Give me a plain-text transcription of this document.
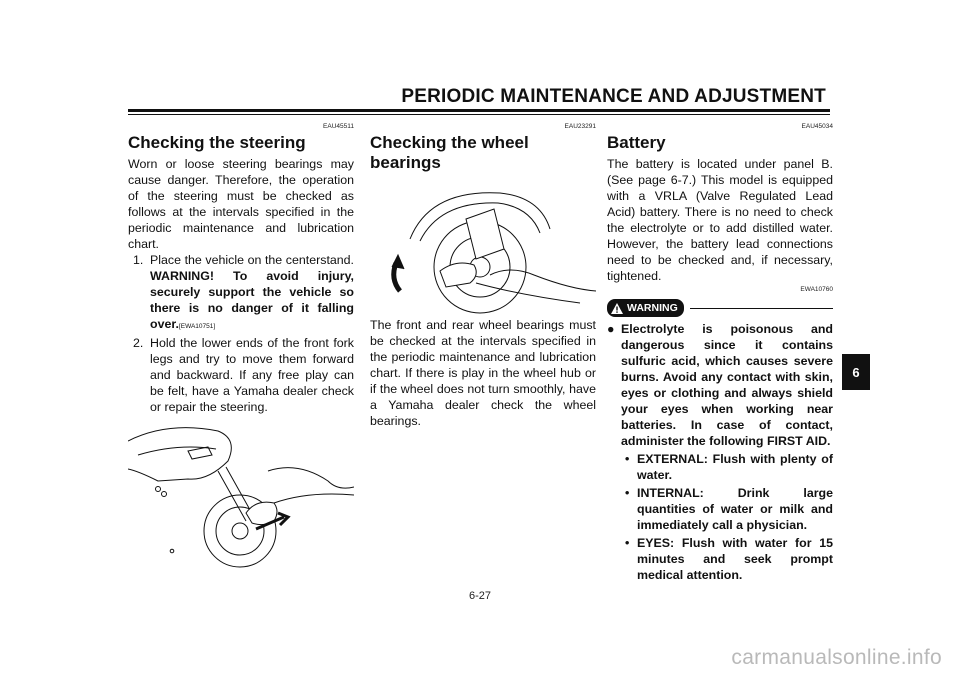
PERIODIC MAINTENANCE AND ADJUSTMENT
EAU45511
Checking the steering

Worn or loose steering bearings may cause danger. Therefore, the operation of the steering must be checked as follows at the intervals specified in the periodic maintenance and lubrication chart.

1. Place the vehicle on the centerstand. WARNING! To avoid injury, securely support the vehicle so there is no danger of it falling over.[EWA10751]

2. Hold the lower ends of the front fork legs and try to move them forward and backward. If any free play can be felt, have a Yamaha dealer check or repair the steering.

EAU23291
Checking the wheel bearings

The front and rear wheel bearings must be checked at the intervals specified in the periodic maintenance and lubrication chart. If there is play in the wheel hub or if the wheel does not turn smoothly, have a Yamaha dealer check the wheel bearings.

EAU45034
Battery

The battery is located under panel B. (See page 6-7.) This model is equipped with a VRLA (Valve Regulated Lead Acid) battery. There is no need to check the electrolyte or to add distilled water. However, the battery lead connections need to be checked and, if necessary, tightened.

EWA10760
WARNING
● Electrolyte is poisonous and dangerous since it contains sulfuric acid, which causes severe burns. Avoid any contact with skin, eyes or clothing and always shield your eyes when working near batteries. In case of contact, administer the following FIRST AID.
• EXTERNAL: Flush with plenty of water.
• INTERNAL: Drink large quantities of water or milk and immediately call a physician.
• EYES: Flush with water for 15 minutes and seek prompt medical attention.
6
6-27
carmanualsonline.info
